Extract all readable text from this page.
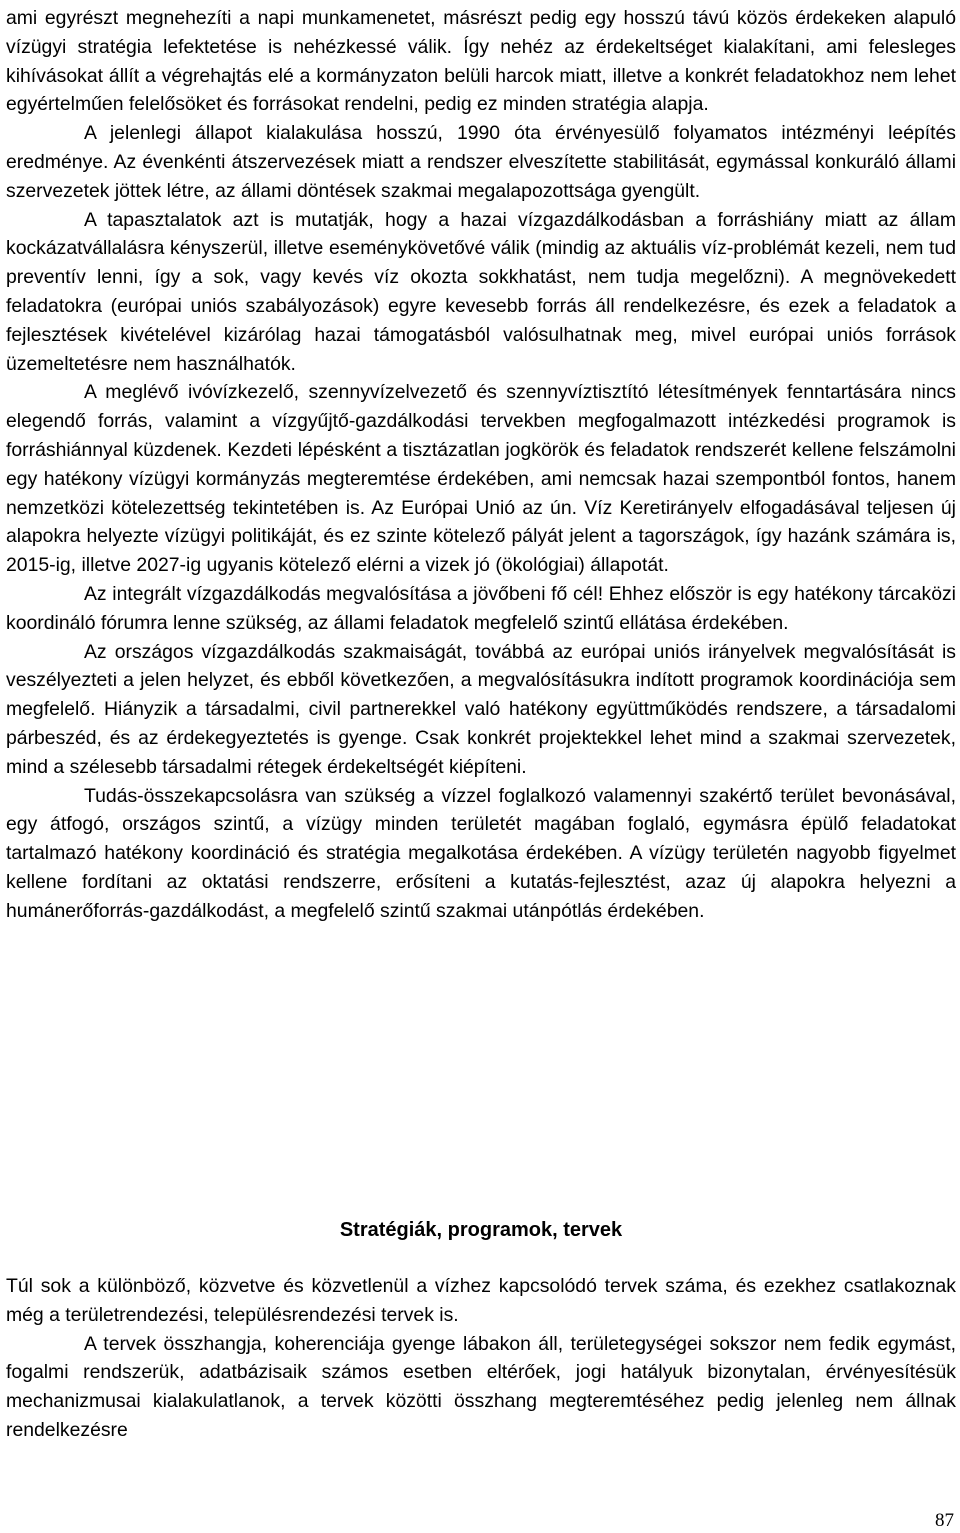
ami egyrészt megnehezíti a napi munkamenetet, másrészt pedig egy hosszú távú közös érdekeken alapuló vízügyi stratégia lefektetése is nehézkessé válik. Így nehéz az érdekeltséget kialakítani, ami felesleges kihívásokat állít a végrehajtás elé a kormányzaton belüli harcok miatt, illetve a konkrét feladatokhoz nem lehet egyértelműen felelősöket és forrásokat rendelni, pedig ez minden stratégia alapja.

A jelenlegi állapot kialakulása hosszú, 1990 óta érvényesülő folyamatos intézményi leépítés eredménye. Az évenkénti átszervezések miatt a rendszer elveszítette stabilitását, egymással konkuráló állami szervezetek jöttek létre, az állami döntések szakmai megalapozottsága gyengült.

A tapasztalatok azt is mutatják, hogy a hazai vízgazdálkodásban a forráshiány miatt az állam kockázatvállalásra kényszerül, illetve eseménykövetővé válik (mindig az aktuális víz-problémát kezeli, nem tud preventív lenni, így a sok, vagy kevés víz okozta sokkhatást, nem tudja megelőzni). A megnövekedett feladatokra (európai uniós szabályozások) egyre kevesebb forrás áll rendelkezésre, és ezek a feladatok a fejlesztések kivételével kizárólag hazai támogatásból valósulhatnak meg, mivel európai uniós források üzemeltetésre nem használhatók.

A meglévő ivóvízkezelő, szennyvízelvezető és szennyvíztisztító létesítmények fenntartására nincs elegendő forrás, valamint a vízgyűjtő-gazdálkodási tervekben megfogalmazott intézkedési programok is forráshiánnyal küzdenek. Kezdeti lépésként a tisztázatlan jogkörök és feladatok rendszerét kellene felszámolni egy hatékony vízügyi kormányzás megteremtése érdekében, ami nemcsak hazai szempontból fontos, hanem nemzetközi kötelezettség tekintetében is. Az Európai Unió az ún. Víz Keretirányelv elfogadásával teljesen új alapokra helyezte vízügyi politikáját, és ez szinte kötelező pályát jelent a tagországok, így hazánk számára is, 2015-ig, illetve 2027-ig ugyanis kötelező elérni a vizek jó (ökológiai) állapotát.

Az integrált vízgazdálkodás megvalósítása a jövőbeni fő cél! Ehhez először is egy hatékony tárcaközi koordináló fórumra lenne szükség, az állami feladatok megfelelő szintű ellátása érdekében.

Az országos vízgazdálkodás szakmaiságát, továbbá az európai uniós irányelvek megvalósítását is veszélyezteti a jelen helyzet, és ebből következően, a megvalósításukra indított programok koordinációja sem megfelelő. Hiányzik a társadalmi, civil partnerekkel való hatékony együttműködés rendszere, a társadalomi párbeszéd, és az érdekegyeztetés is gyenge. Csak konkrét projektekkel lehet mind a szakmai szervezetek, mind a szélesebb társadalmi rétegek érdekeltségét kiépíteni.

Tudás-összekapcsolásra van szükség a vízzel foglalkozó valamennyi szakértő terület bevonásával, egy átfogó, országos szintű, a vízügy minden területét magában foglaló, egymásra épülő feladatokat tartalmazó hatékony koordináció és stratégia megalkotása érdekében. A vízügy területén nagyobb figyelmet kellene fordítani az oktatási rendszerre, erősíteni a kutatás-fejlesztést, azaz új alapokra helyezni a humánerőforrás-gazdálkodást, a megfelelő szintű szakmai utánpótlás érdekében.

Stratégiák, programok, tervek

Túl sok a különböző, közvetve és közvetlenül a vízhez kapcsolódó tervek száma, és ezekhez csatlakoznak még a területrendezési, településrendezési tervek is.

A tervek összhangja, koherenciája gyenge lábakon áll, területegységei sokszor nem fedik egymást, fogalmi rendszerük, adatbázisaik számos esetben eltérőek, jogi hatályuk bizonytalan, érvényesítésük mechanizmusai kialakulatlanok, a tervek közötti összhang megteremtéséhez pedig jelenleg nem állnak rendelkezésre

87
